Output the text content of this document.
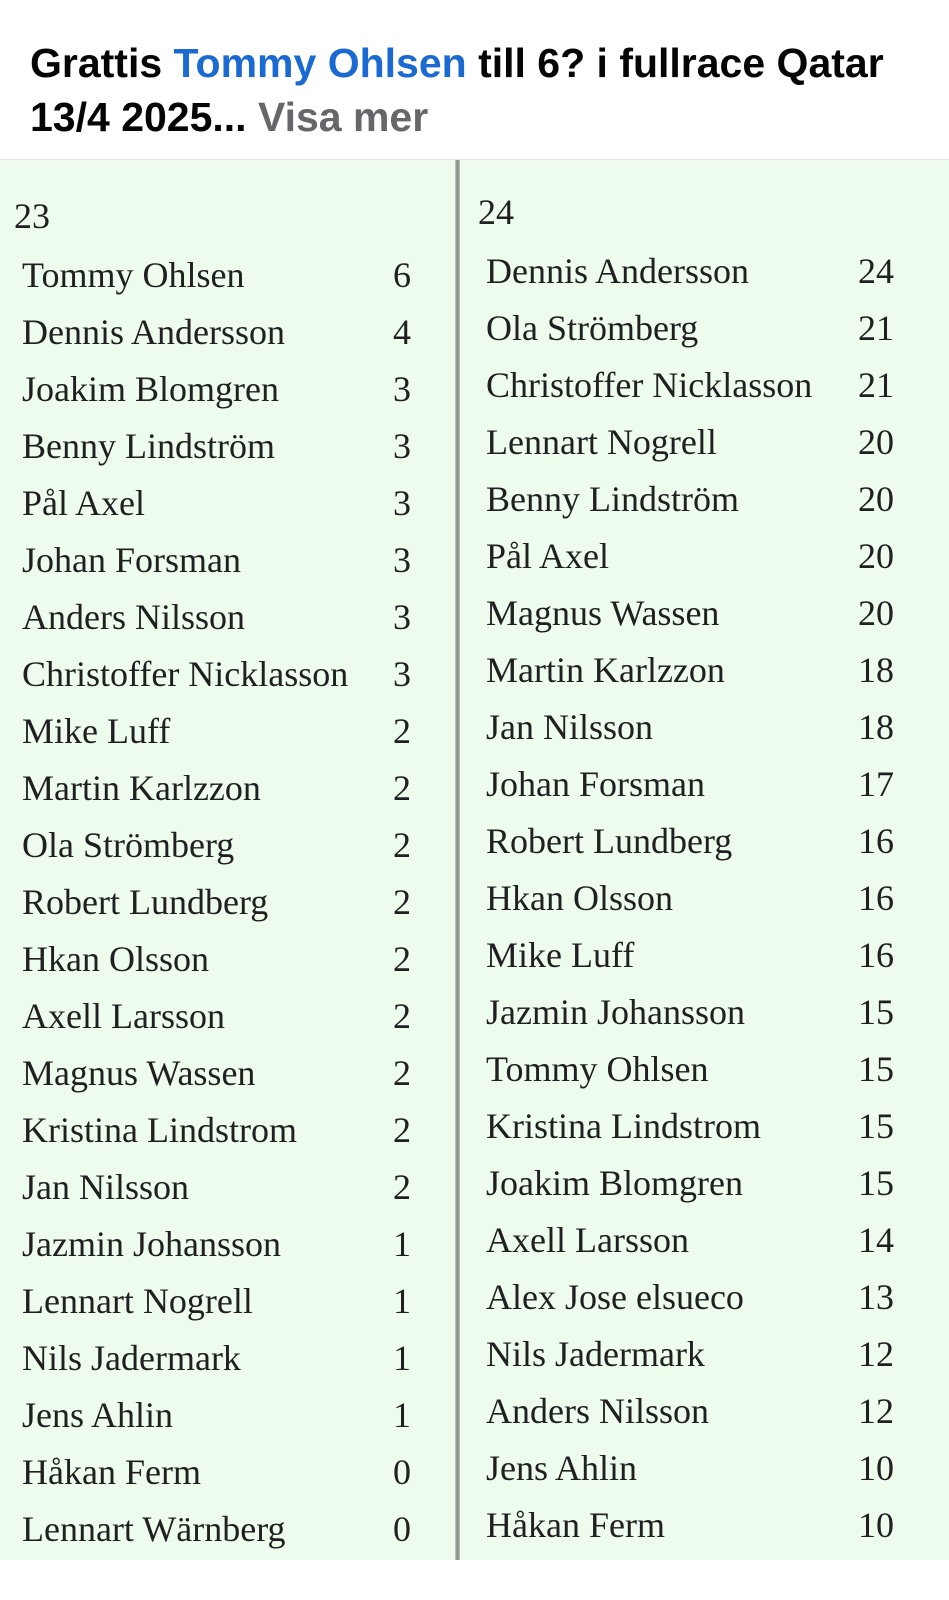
Grattis Tommy Ohlsen till 6? i fullrace Qatar 13/4 2025... Visa mer

23
Tommy Ohlsen	6
Dennis Andersson	4
Joakim Blomgren	3
Benny Lindström	3
Pål Axel	3
Johan Forsman	3
Anders Nilsson	3
Christoffer Nicklasson 3
Mike Luff	2
Martin Karlzzon	2
Ola Strömberg	2
Robert Lundberg	2
Hkan Olsson	2
Axell Larsson	2
Magnus Wassen	2
Kristina Lindstrom	2
Jan Nilsson	2
Jazmin Johansson	1
Lennart Nogrell	1
Nils Jadermark	1
Jens Ahlin	1
Håkan Ferm	0
Lennart Wärnberg	0
24
Dennis Andersson	24
Ola Strömberg	21
Christoffer Nicklasson 21
Lennart Nogrell	20
Benny Lindström	20
Pål Axel	20
Magnus Wassen	20
Martin Karlzzon	18
Jan Nilsson	18
Johan Forsman	17
Robert Lundberg	16
Hkan Olsson	16
Mike Luff	16
Jazmin Johansson	15
Tommy Ohlsen	15
Kristina Lindstrom	15
Joakim Blomgren	15
Axell Larsson	14
Alex Jose elsueco	13
Nils Jadermark	12
Anders Nilsson	12
Jens Ahlin	10
Håkan Ferm	10
